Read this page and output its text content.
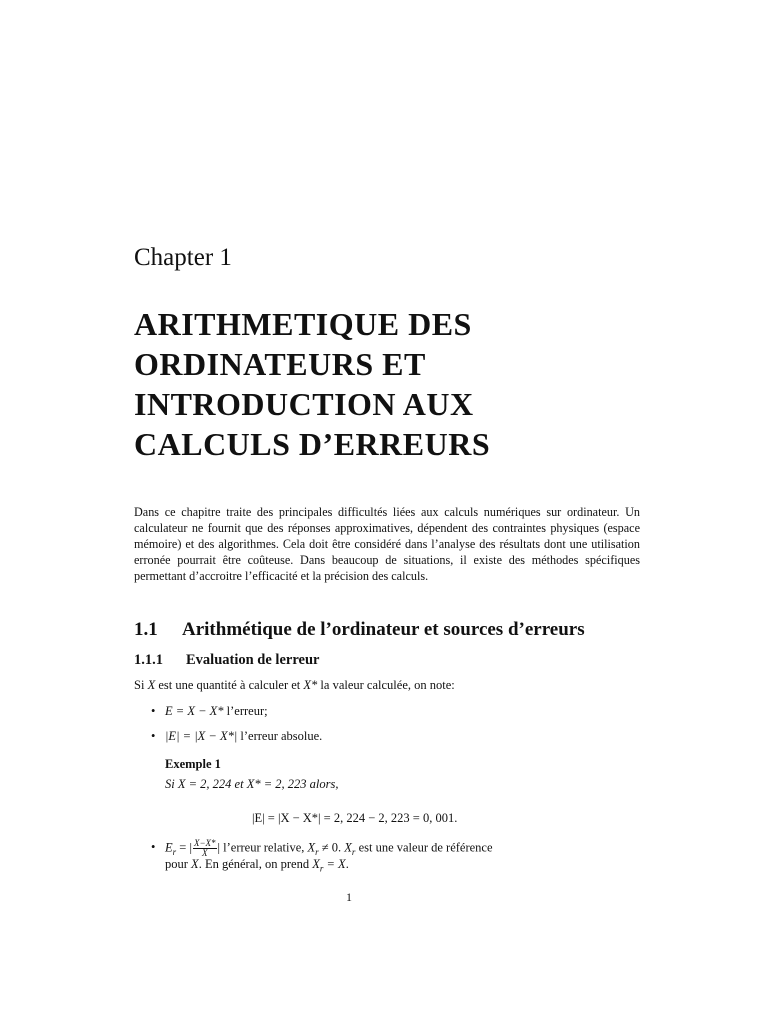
Chapter 1
ARITHMETIQUE DES
ORDINATEURS ET
INTRODUCTION AUX
CALCULS D’ERREURS
Dans ce chapitre traite des principales difficultés liées aux calculs numériques sur ordinateur. Un calculateur ne fournit que des réponses approximatives, dépendent des contraintes physiques (espace mémoire) et des algorithmes. Cela doit être considéré dans l’analyse des résultats dont une utilisation erronée pourrait être coûteuse. Dans beaucoup de situations, il existe des méthodes spécifiques permettant d’accroitre l’efficacité et la précision des calculs.
1.1 Arithmétique de l’ordinateur et sources d’erreurs
1.1.1 Evaluation de lerreur
Si X est une quantité à calculer et X* la valeur calculée, on note:
• E = X − X* l’erreur;
• |E| = |X − X*| l’erreur absolue.
Exemple 1
Si X = 2, 224 et X* = 2, 223 alors,
|E| = |X − X*| = 2, 224 − 2, 223 = 0, 001.
• $E_r$ = | $\frac{X-X*}{X}$ | l’erreur relative, $X_r \ne 0$. $X_r$ est une valeur de référence
pour X. En général, on prend $X_r = X$.
1
